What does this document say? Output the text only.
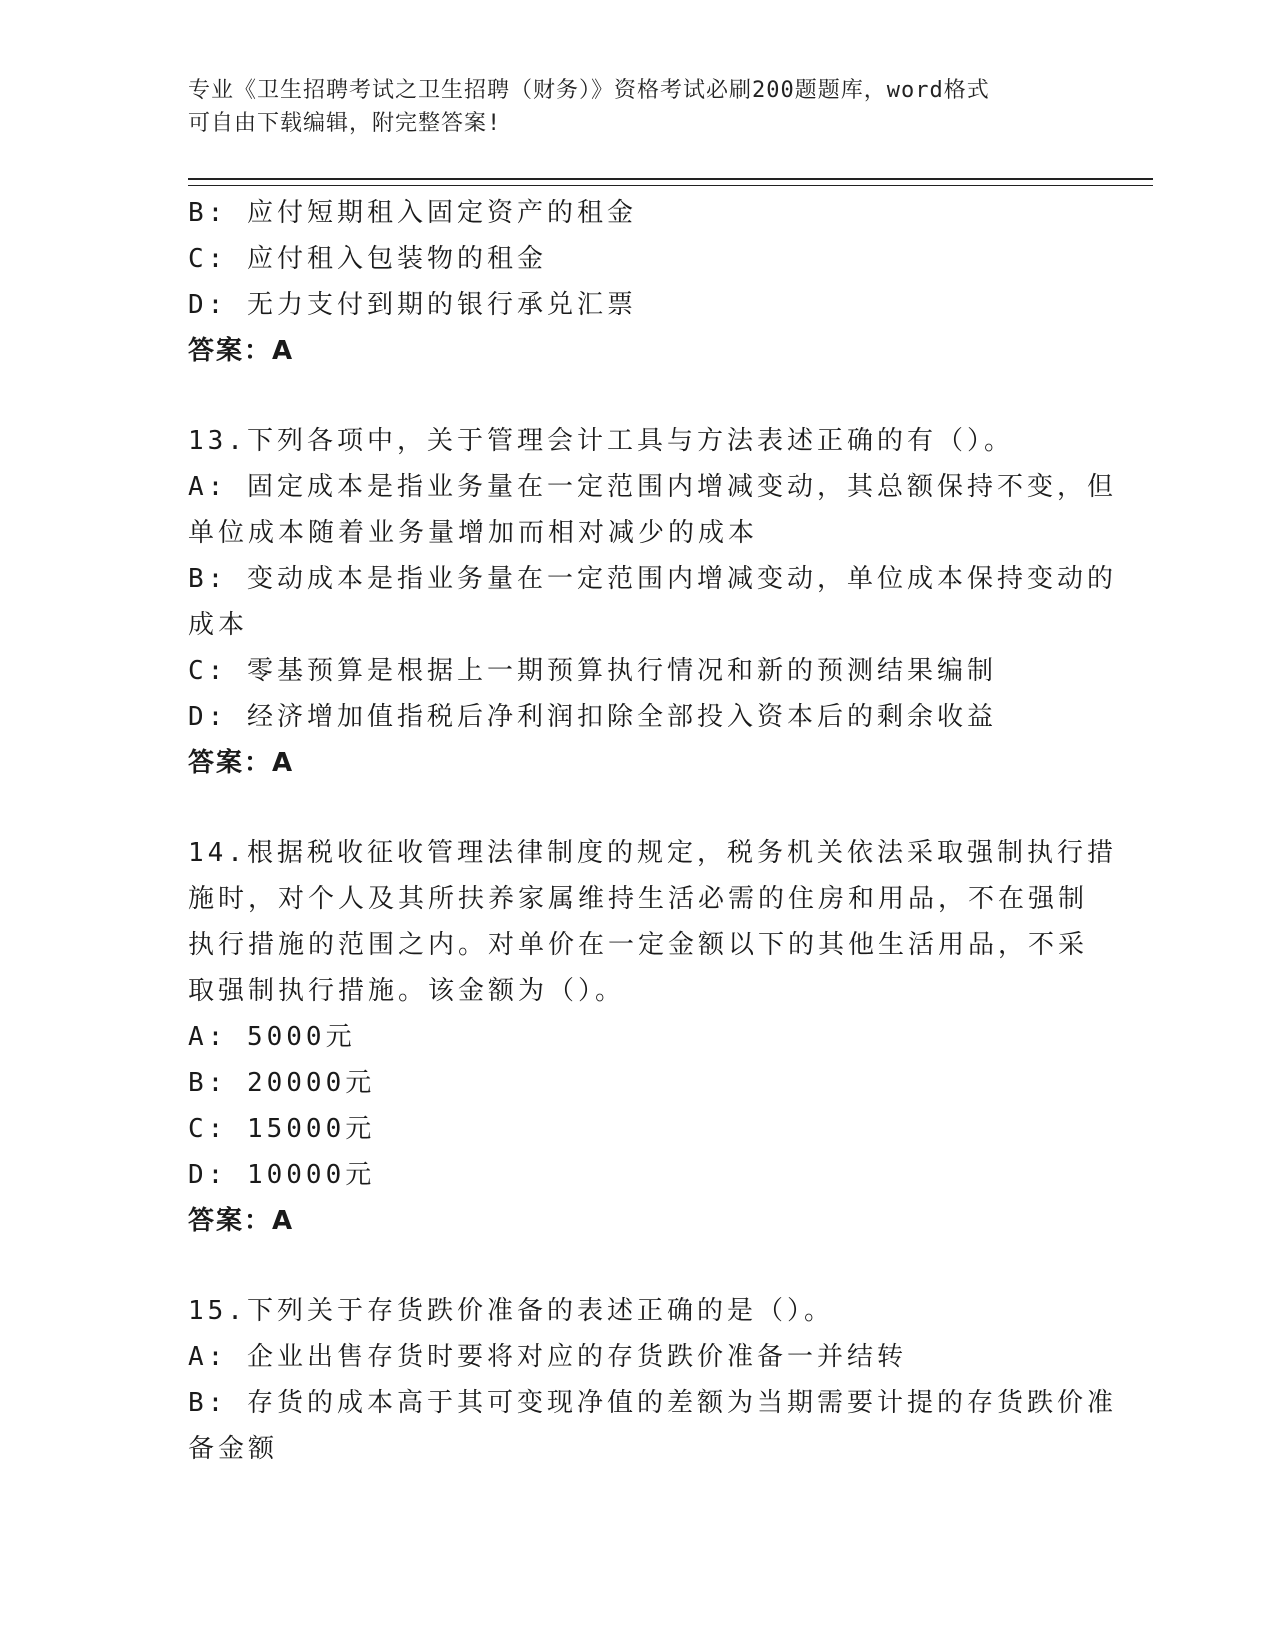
专业《卫生招聘考试之卫生招聘（财务）》资格考试必刷200题题库，word格式
可自由下载编辑，附完整答案!
B: 应付短期租入固定资产的租金
C: 应付租入包装物的租金
D: 无力支付到期的银行承兑汇票
答案：A
13.下列各项中，关于管理会计工具与方法表述正确的有（）。
A: 固定成本是指业务量在一定范围内增减变动，其总额保持不变，但
单位成本随着业务量增加而相对减少的成本
B: 变动成本是指业务量在一定范围内增减变动，单位成本保持变动的
成本
C: 零基预算是根据上一期预算执行情况和新的预测结果编制
D: 经济增加值指税后净利润扣除全部投入资本后的剩余收益
答案：A
14.根据税收征收管理法律制度的规定，税务机关依法采取强制执行措
施时，对个人及其所扶养家属维持生活必需的住房和用品，不在强制
执行措施的范围之内。对单价在一定金额以下的其他生活用品，不采
取强制执行措施。该金额为（）。
A: 5000元
B: 20000元
C: 15000元
D: 10000元
答案：A
15.下列关于存货跌价准备的表述正确的是（）。
A: 企业出售存货时要将对应的存货跌价准备一并结转
B: 存货的成本高于其可变现净值的差额为当期需要计提的存货跌价准
备金额
